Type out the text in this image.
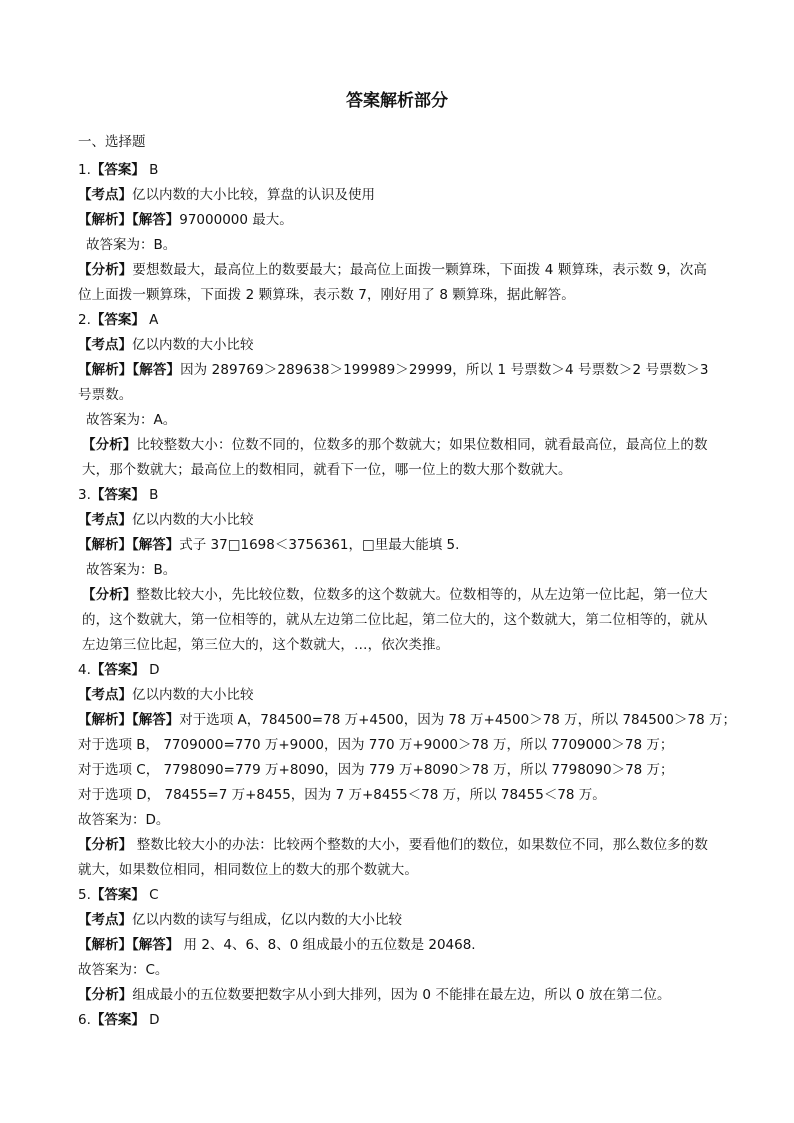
答案解析部分
一、选择题
1.【答案】 B
【考点】亿以内数的大小比较，算盘的认识及使用
【解析】【解答】97000000 最大。
故答案为：B。
【分析】要想数最大，最高位上的数要最大；最高位上面拨一颗算珠，下面拨 4 颗算珠，表示数 9，次高位上面拨一颗算珠，下面拨 2 颗算珠，表示数 7，刚好用了 8 颗算珠，据此解答。
2.【答案】 A
【考点】亿以内数的大小比较
【解析】【解答】因为 289769＞289638＞199989＞29999，所以 1 号票数＞4 号票数＞2 号票数＞3 号票数。
故答案为：A。
【分析】比较整数大小：位数不同的，位数多的那个数就大；如果位数相同，就看最高位，最高位上的数大，那个数就大；最高位上的数相同，就看下一位，哪一位上的数大那个数就大。
3.【答案】 B
【考点】亿以内数的大小比较
【解析】【解答】式子 37□1698＜3756361，□里最大能填 5.
故答案为：B。
【分析】整数比较大小，先比较位数，位数多的这个数就大。位数相等的，从左边第一位比起，第一位大的，这个数就大，第一位相等的，就从左边第二位比起，第二位大的，这个数就大，第二位相等的，就从左边第三位比起，第三位大的，这个数就大，…，依次类推。
4.【答案】 D
【考点】亿以内数的大小比较
【解析】【解答】对于选项 A，784500=78 万+4500，因为 78 万+4500＞78 万，所以 784500＞78 万；
对于选项 B， 7709000=770 万+9000，因为 770 万+9000＞78 万，所以 7709000＞78 万；
对于选项 C， 7798090=779 万+8090，因为 779 万+8090＞78 万，所以 7798090＞78 万；
对于选项 D， 78455=7 万+8455，因为 7 万+8455＜78 万，所以 78455＜78 万。
故答案为：D。
【分析】 整数比较大小的办法：比较两个整数的大小，要看他们的数位，如果数位不同，那么数位多的数就大，如果数位相同，相同数位上的数大的那个数就大。
5.【答案】 C
【考点】亿以内数的读写与组成，亿以内数的大小比较
【解析】【解答】 用 2、4、6、8、0 组成最小的五位数是 20468.
故答案为：C。
【分析】组成最小的五位数要把数字从小到大排列，因为 0 不能排在最左边，所以 0 放在第二位。
6.【答案】 D
